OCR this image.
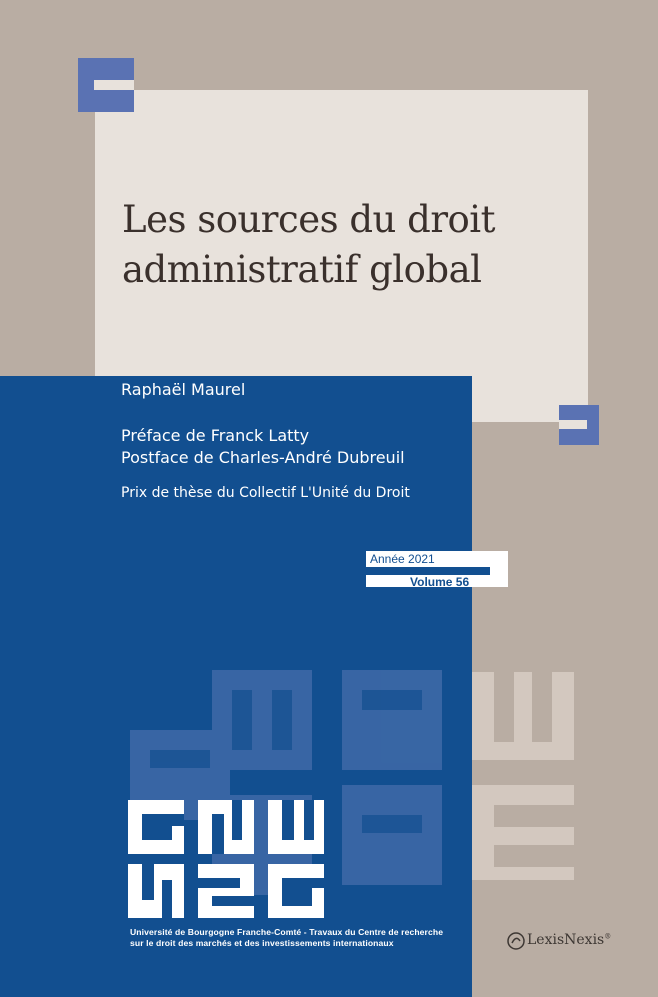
Les sources du droit
administratif global
Raphaël Maurel
Préface de Franck Latty
Postface de Charles-André Dubreuil
Prix de thèse du Collectif L'Unité du Droit
Année 2021
Volume 56
Université de Bourgogne Franche-Comté - Travaux du Centre de recherche
sur le droit des marchés et des investissements internationaux	LexisNexis®
